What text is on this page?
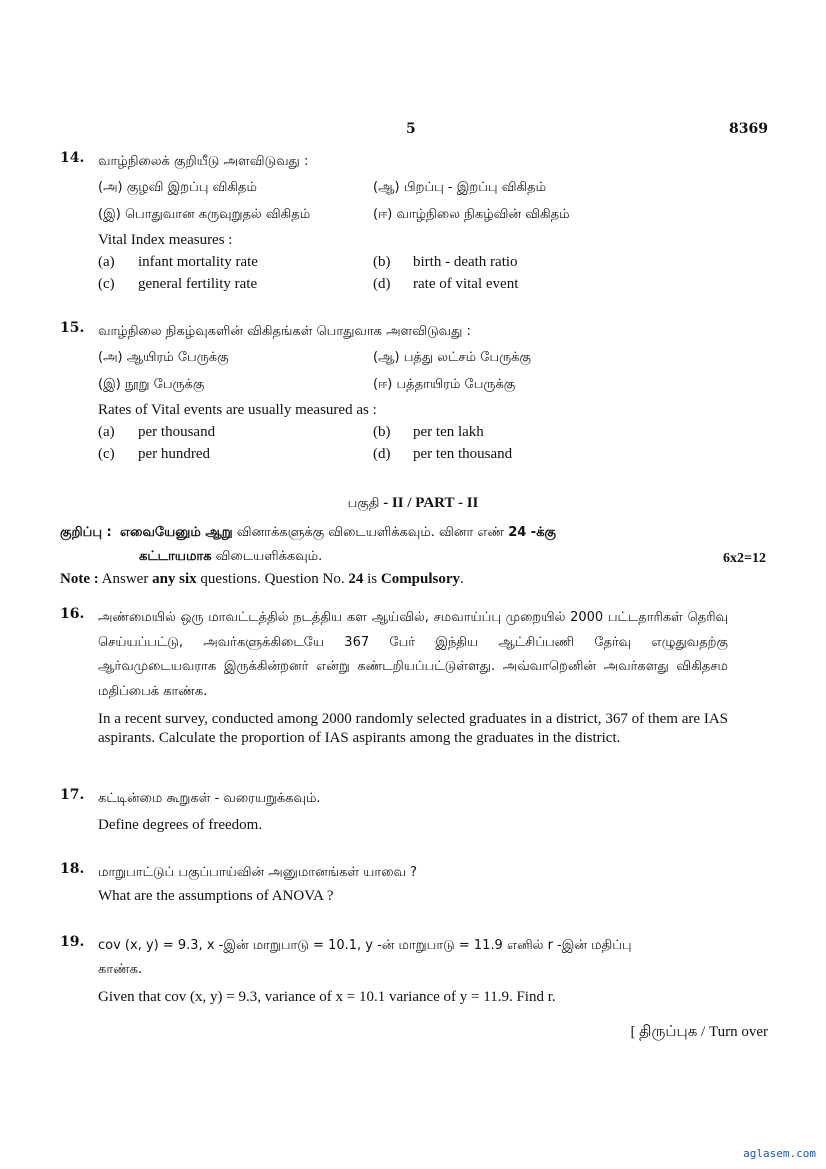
5	8369
14. வாழ்நிலைக் குறியீடு அளவிடுவது :
(அ) குழவி இறப்பு விகிதம்	(ஆ) பிறப்பு - இறப்பு விகிதம்
(இ) பொதுவான கருவுறுதல் விகிதம்	(ஈ) வாழ்நிலை நிகழ்வின் விகிதம்
Vital Index measures :
(a) infant mortality rate	(b) birth - death ratio
(c) general fertility rate	(d) rate of vital event
15. வாழ்நிலை நிகழ்வுகளின் விகிதங்கள் பொதுவாக அளவிடுவது :
(அ) ஆயிரம் பேருக்கு	(ஆ) பத்து லட்சம் பேருக்கு
(இ) நூறு பேருக்கு	(ஈ) பத்தாயிரம் பேருக்கு
Rates of Vital events are usually measured as :
(a) per thousand	(b) per ten lakh
(c) per hundred	(d) per ten thousand
பகுதி - II / PART - II
குறிப்பு : எவையேனும் ஆறு வினாக்களுக்கு விடையளிக்கவும். வினா எண் 24 -க்கு
கட்டாயமாக விடையளிக்கவும்.	6x2=12
Note : Answer any six questions. Question No. 24 is Compulsory.
16. அண்மையில் ஒரு மாவட்டத்தில் நடத்திய கள ஆய்வில், சமவாய்ப்பு முறையில் 2000 பட்டதாரிகள் தெரிவு செய்யப்பட்டு, அவர்களுக்கிடையே 367 பேர் இந்திய ஆட்சிப்பணி தேர்வு எழுதுவதற்கு ஆர்வமுடையவராக இருக்கின்றனர் என்று கண்டறியப்பட்டுள்ளது. அவ்வாறெனின் அவர்களது விகிதசம மதிப்பைக் காண்க.
In a recent survey, conducted among 2000 randomly selected graduates in a district, 367 of them are IAS aspirants. Calculate the proportion of IAS aspirants among the graduates in the district.
17. கட்டின்மை கூறுகள் - வரையறுக்கவும்.
Define degrees of freedom.
18. மாறுபாட்டுப் பகுப்பாய்வின் அனுமானங்கள் யாவை ?
What are the assumptions of ANOVA ?
19. cov (x, y) = 9.3, x -இன் மாறுபாடு = 10.1, y -ன் மாறுபாடு = 11.9 எனில் r -இன் மதிப்பு
காண்க.
Given that cov (x, y) = 9.3, variance of x = 10.1 variance of y = 11.9. Find r.
[ திருப்புக / Turn over
aglasem.com
